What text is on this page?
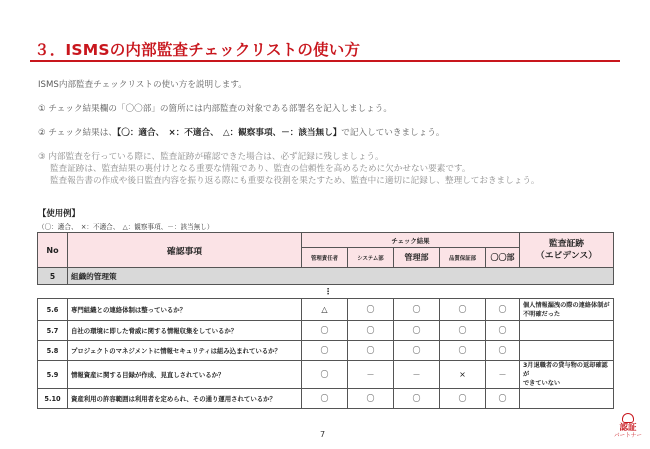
３．ISMSの内部監査チェックリストの使い方
ISMS内部監査チェックリストの使い方を説明します。
① チェック結果欄の「〇〇部」の箇所には内部監査の対象である部署名を記入しましょう。
② チェック結果は、【〇：適合、　×：不適合、　△：観察事項、－：該当無し】で記入していきましょう。
③ 内部監査を行っている際に、監査証跡が確認できた場合は、必ず記録に残しましょう。
監査証跡は、監査結果の裏付けとなる重要な情報であり、監査の信頼性を高めるために欠かせない要素です。
監査報告書の作成や後日監査内容を振り返る際にも重要な役割を果たすため、監査中に適切に記録し、整理しておきましょう。
【使用例】
（〇：適合、　×：不適合、　△：観察事項、－：該当無し）
No	確認事項	チェック結果					監査証跡
（エビデンス）

		管理責任者	システム部	管理部	品質保証部	〇〇部	
5	組織的管理策						
⋮							
5.6	専門組織との連絡体制は整っているか？	△	〇	〇	〇	〇	個人情報漏洩の際の連絡体制が
不明確だった

5.7	自社の環境に即した脅威に関する情報収集をしているか？	〇	〇	〇	〇	〇	
5.8	プロジェクトのマネジメントに情報セキュリティは組み込まれているか？	〇	〇	〇	〇	〇	
5.9	情報資産に関する目録が作成、見直しされているか？	〇	－	－	×	－	3月退職者の貸与物の返却確認が
できていない

5.10	資産利用の許容範囲は利用者を定められ、その通り運用されているか？	〇	〇	〇	〇	〇	
7
認証
パートナー
